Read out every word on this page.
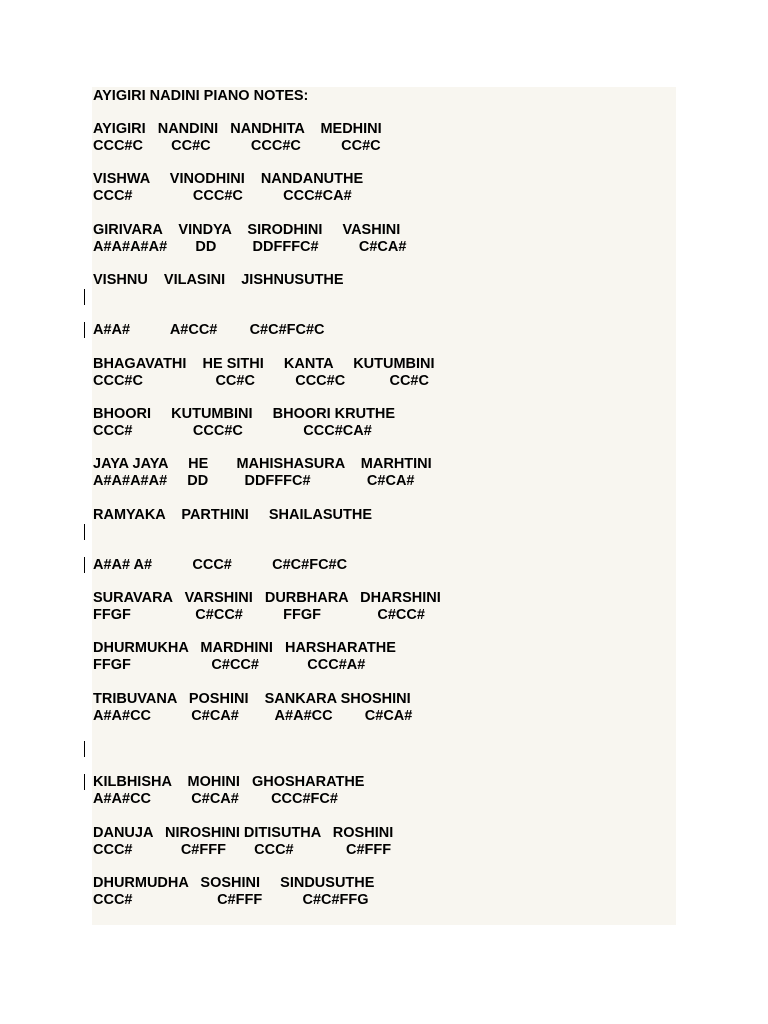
AYIGIRI NADINI PIANO NOTES:

AYIGIRI   NANDINI   NANDHITA    MEDHINI

CCC#C       CC#C          CCC#C          CC#C

VISHWA     VINODHINI    NANDANUTHE

CCC#               CCC#C          CCC#CA#

GIRIVARA    VINDYA    SIRODHINI     VASHINI

A#A#A#A#       DD         DDFFFC#          C#CA#

VISHNU    VILASINI    JISHNUSUTHE

A#A#          A#CC#        C#C#FC#C

BHAGAVATHI    HE SITHI     KANTA     KUTUMBINI

CCC#C                  CC#C          CCC#C           CC#C

BHOORI     KUTUMBINI     BHOORI KRUTHE

CCC#               CCC#C               CCC#CA#

JAYA JAYA     HE       MAHISHASURA    MARHTINI

A#A#A#A#     DD         DDFFFC#              C#CA#

RAMYAKA    PARTHINI     SHAILASUTHE

A#A# A#          CCC#          C#C#FC#C

SURAVARA   VARSHINI   DURBHARA   DHARSHINI

FFGF                C#CC#          FFGF              C#CC#

DHURMUKHA   MARDHINI   HARSHARATHE

FFGF                    C#CC#            CCC#A#

TRIBUVANA   POSHINI    SANKARA SHOSHINI

A#A#CC          C#CA#         A#A#CC        C#CA#

KILBHISHA    MOHINI   GHOSHARATHE

A#A#CC          C#CA#        CCC#FC#

DANUJA   NIROSHINI DITISUTHA   ROSHINI

CCC#            C#FFF       CCC#             C#FFF

DHURMUDHA   SOSHINI     SINDUSUTHE

CCC#                     C#FFF          C#C#FFG
